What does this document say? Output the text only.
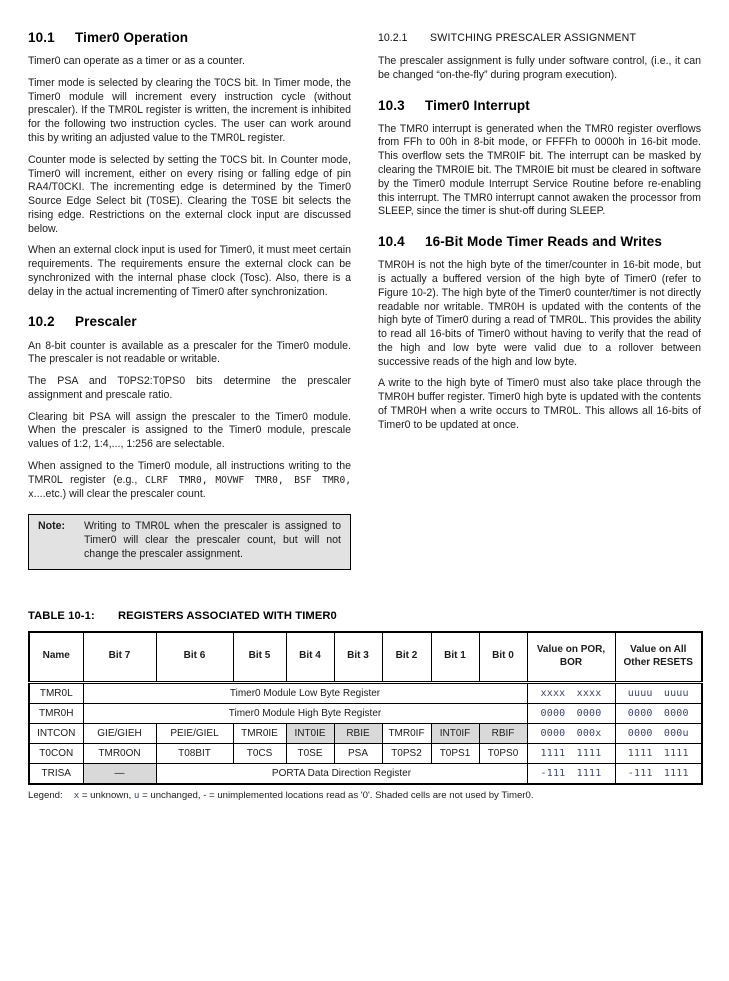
10.1	Timer0 Operation

Timer0 can operate as a timer or as a counter.

Timer mode is selected by clearing the T0CS bit. In Timer mode, the Timer0 module will increment every instruction cycle (without prescaler). If the TMR0L register is written, the increment is inhibited for the following two instruction cycles. The user can work around this by writing an adjusted value to the TMR0L register.

Counter mode is selected by setting the T0CS bit. In Counter mode, Timer0 will increment, either on every rising or falling edge of pin RA4/T0CKI. The incrementing edge is determined by the Timer0 Source Edge Select bit (T0SE). Clearing the T0SE bit selects the rising edge. Restrictions on the external clock input are discussed below.

When an external clock input is used for Timer0, it must meet certain requirements. The requirements ensure the external clock can be synchronized with the internal phase clock (Tosc). Also, there is a delay in the actual incrementing of Timer0 after synchronization.

10.2	Prescaler

An 8-bit counter is available as a prescaler for the Timer0 module. The prescaler is not readable or writable.

The PSA and T0PS2:T0PS0 bits determine the prescaler assignment and prescale ratio.

Clearing bit PSA will assign the prescaler to the Timer0 module. When the prescaler is assigned to the Timer0 module, prescale values of 1:2, 1:4,..., 1:256 are selectable.

When assigned to the Timer0 module, all instructions writing to the TMR0L register (e.g., CLRF TMR0, MOVWF TMR0, BSF TMR0, x....etc.) will clear the prescaler count.

Note:	Writing to TMR0L when the prescaler is assigned to Timer0 will clear the prescaler count, but will not change the prescaler assignment.
10.2.1	SWITCHING PRESCALER ASSIGNMENT

The prescaler assignment is fully under software control, (i.e., it can be changed “on-the-fly” during program execution).

10.3	Timer0 Interrupt

The TMR0 interrupt is generated when the TMR0 register overflows from FFh to 00h in 8-bit mode, or FFFFh to 0000h in 16-bit mode. This overflow sets the TMR0IF bit. The interrupt can be masked by clearing the TMR0IE bit. The TMR0IE bit must be cleared in software by the Timer0 module Interrupt Service Routine before re-enabling this interrupt. The TMR0 interrupt cannot awaken the processor from SLEEP, since the timer is shut-off during SLEEP.

10.4	16-Bit Mode Timer Reads and Writes

TMR0H is not the high byte of the timer/counter in 16-bit mode, but is actually a buffered version of the high byte of Timer0 (refer to Figure 10-2). The high byte of the Timer0 counter/timer is not directly readable nor writable. TMR0H is updated with the contents of the high byte of Timer0 during a read of TMR0L. This provides the ability to read all 16-bits of Timer0 without having to verify that the read of the high and low byte were valid due to a rollover between successive reads of the high and low byte.

A write to the high byte of Timer0 must also take place through the TMR0H buffer register. Timer0 high byte is updated with the contents of TMR0H when a write occurs to TMR0L. This allows all 16-bits of Timer0 to be updated at once.

TABLE 10-1: REGISTERS ASSOCIATED WITH TIMER0
Name	Bit 7	Bit 6	Bit 5	Bit 4	Bit 3	Bit 2	Bit 1	Bit 0	Value on POR, BOR	Value on All Other RESETS
TMR0L	Timer0 Module Low Byte Register								xxxx xxxx	uuuu uuuu
TMR0H	Timer0 Module High Byte Register								0000 0000	0000 0000
INTCON	GIE/GIEH	PEIE/GIEL	TMR0IE	INT0IE	RBIE	TMR0IF	INT0IF	RBIF	0000 000x	0000 000u
T0CON	TMR0ON	T08BIT	T0CS	T0SE	PSA	T0PS2	T0PS1	T0PS0	1111 1111	1111 1111
TRISA	—	PORTA Data Direction Register							-111 1111	-111 1111
Legend: x = unknown, u = unchanged, - = unimplemented locations read as '0'. Shaded cells are not used by Timer0.
